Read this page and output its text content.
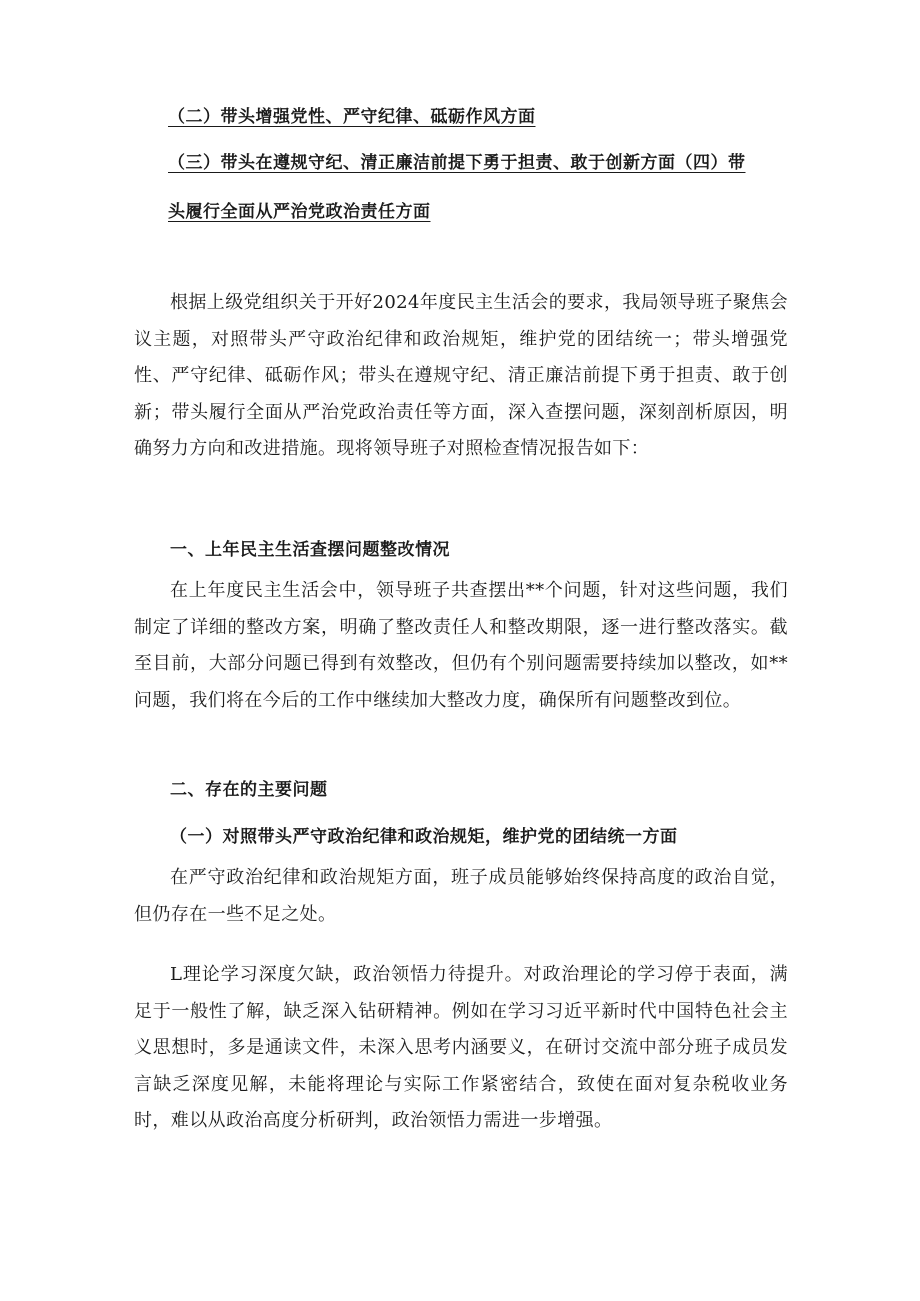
（二）带头增强党性、严守纪律、砥砺作风方面
（三）带头在遵规守纪、清正廉洁前提下勇于担责、敢于创新方面（四）带
头履行全面从严治党政治责任方面
根据上级党组织关于开好2024年度民主生活会的要求，我局领导班子聚焦会议主题，对照带头严守政治纪律和政治规矩，维护党的团结统一；带头增强党性、严守纪律、砥砺作风；带头在遵规守纪、清正廉洁前提下勇于担责、敢于创新；带头履行全面从严治党政治责任等方面，深入查摆问题，深刻剖析原因，明确努力方向和改进措施。现将领导班子对照检查情况报告如下：
一、上年民主生活查摆问题整改情况
在上年度民主生活会中，领导班子共查摆出**个问题，针对这些问题，我们制定了详细的整改方案，明确了整改责任人和整改期限，逐一进行整改落实。截至目前，大部分问题已得到有效整改，但仍有个别问题需要持续加以整改，如**问题，我们将在今后的工作中继续加大整改力度，确保所有问题整改到位。
二、存在的主要问题
（一）对照带头严守政治纪律和政治规矩，维护党的团结统一方面
在严守政治纪律和政治规矩方面，班子成员能够始终保持高度的政治自觉，但仍存在一些不足之处。
L理论学习深度欠缺，政治领悟力待提升。对政治理论的学习停于表面，满足于一般性了解，缺乏深入钻研精神。例如在学习习近平新时代中国特色社会主义思想时，多是通读文件，未深入思考内涵要义，在研讨交流中部分班子成员发言缺乏深度见解，未能将理论与实际工作紧密结合，致使在面对复杂税收业务时，难以从政治高度分析研判，政治领悟力需进一步增强。
